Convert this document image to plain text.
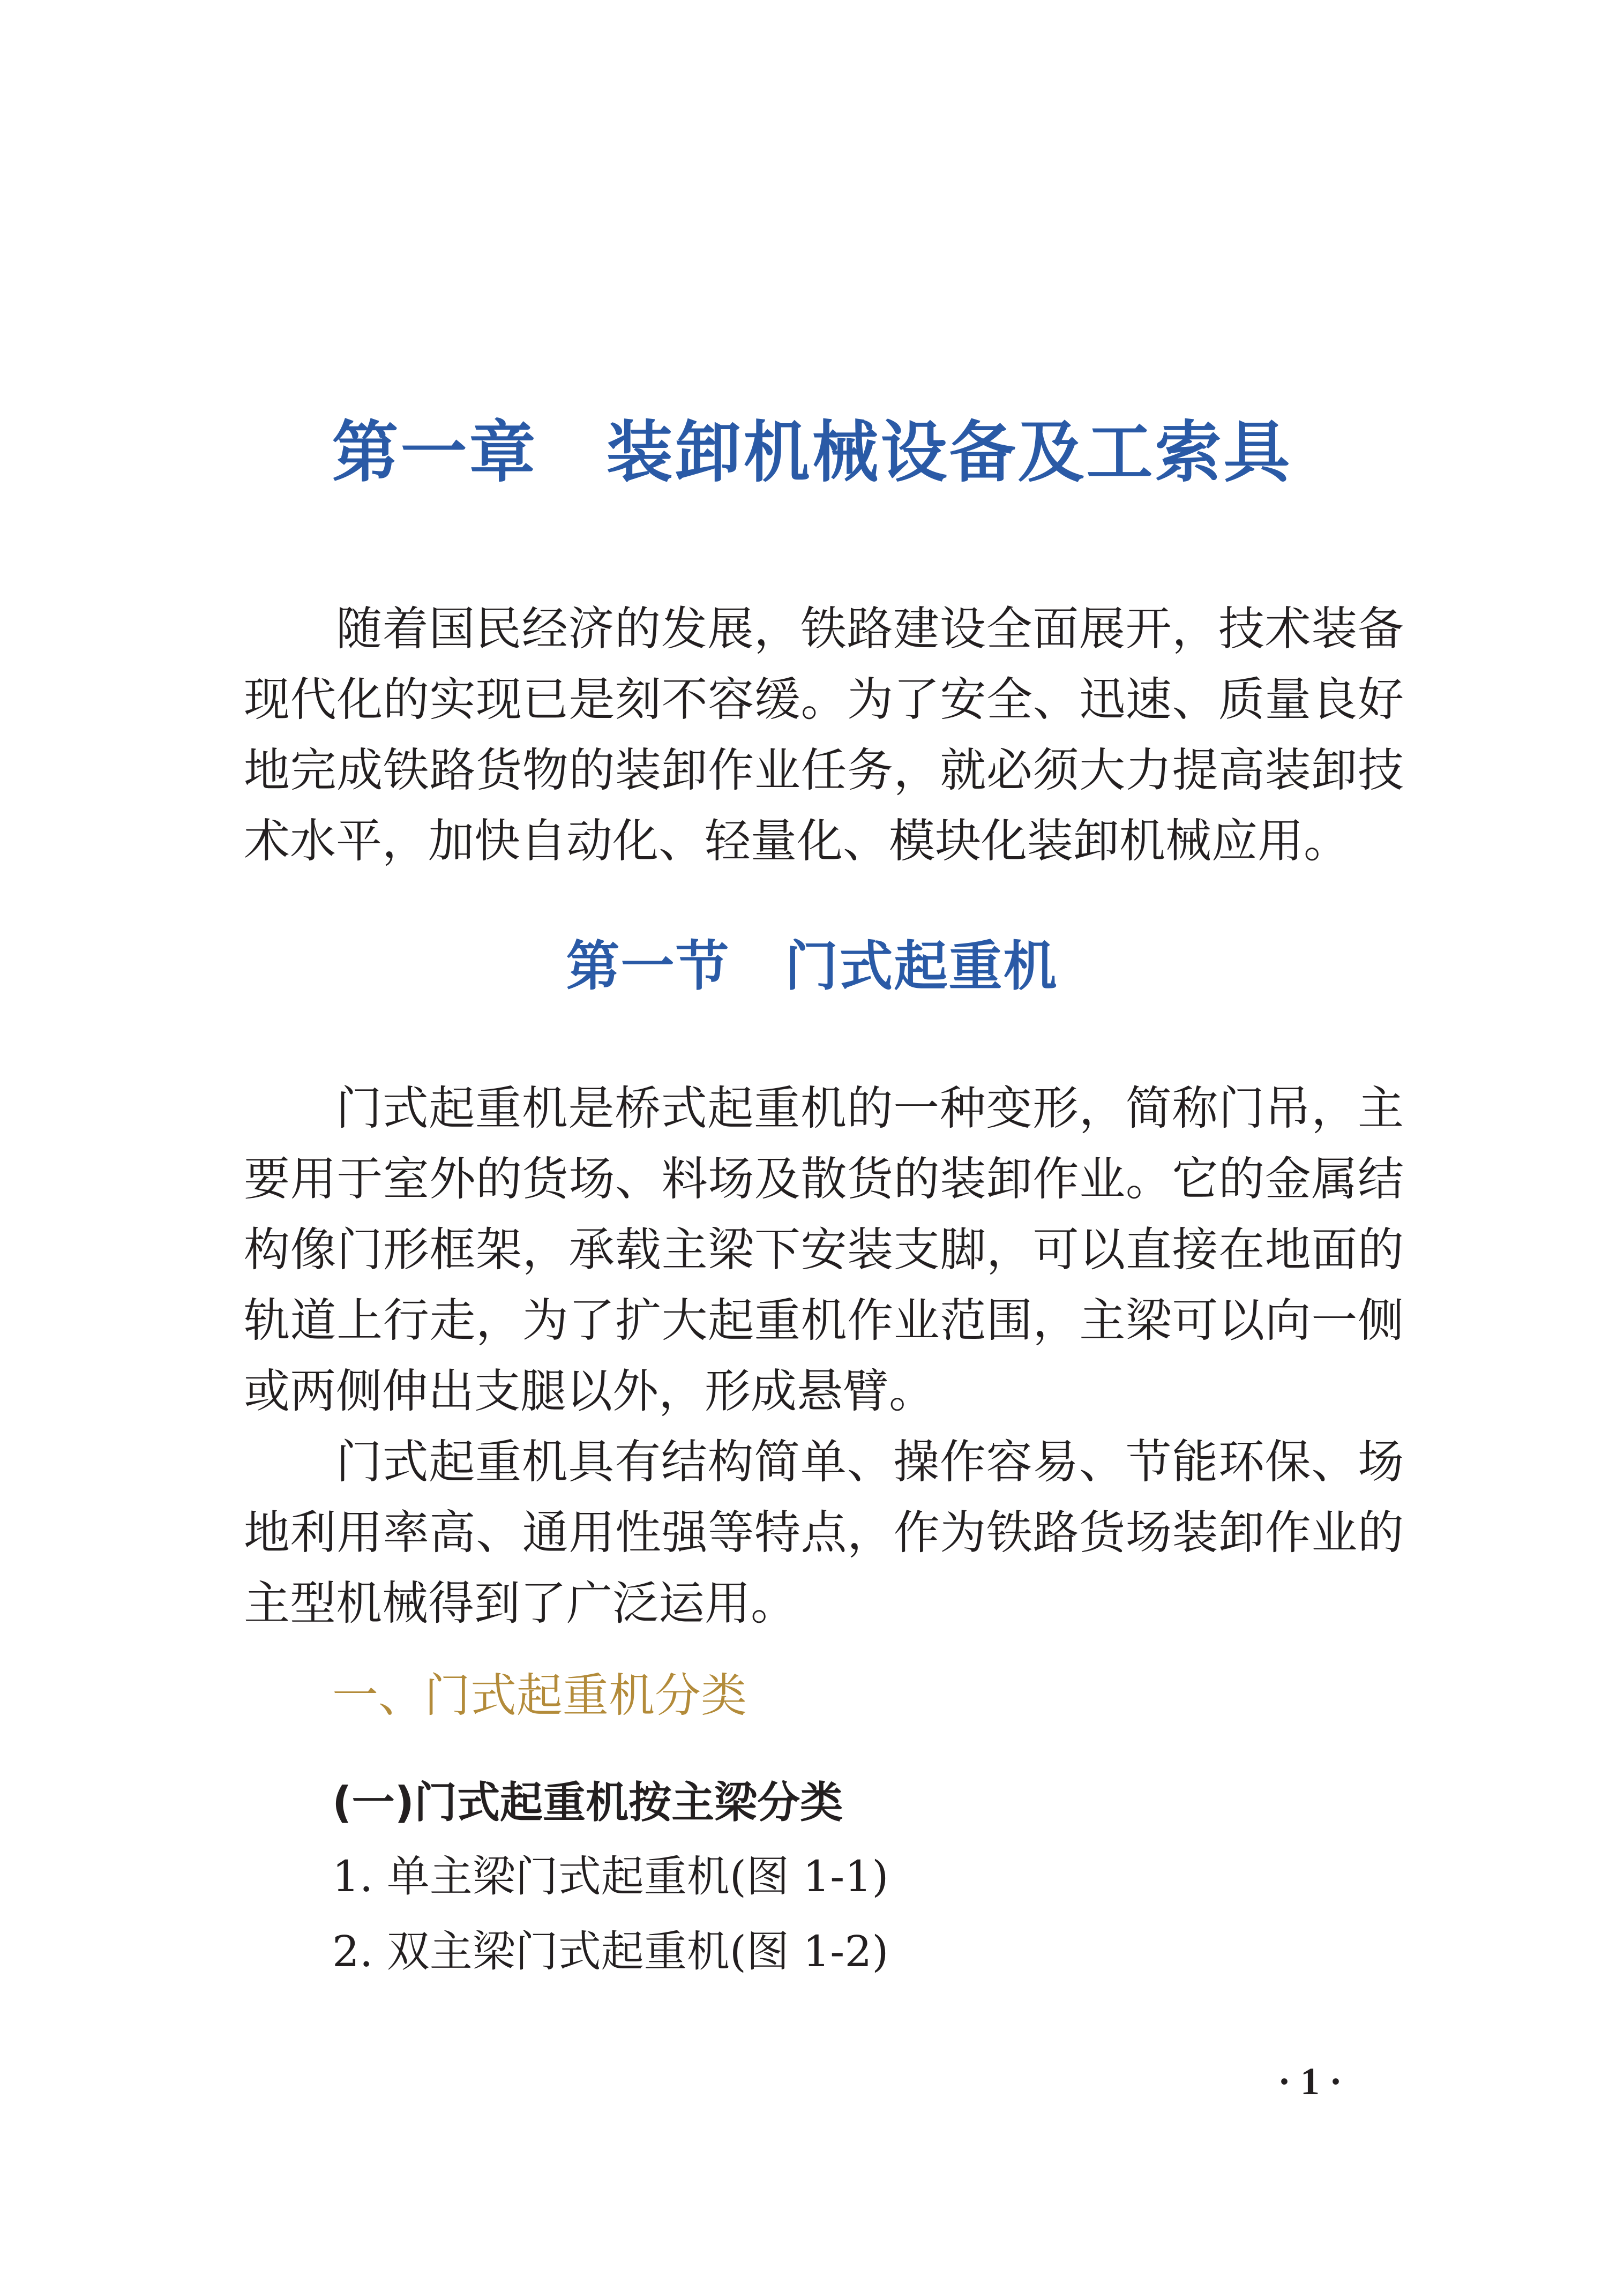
第一章　装卸机械设备及工索具

随着国民经济的发展，铁路建设全面展开，技术装备现代化的实现已是刻不容缓。为了安全、迅速、质量良好地完成铁路货物的装卸作业任务，就必须大力提高装卸技术水平，加快自动化、轻量化、模块化装卸机械应用。

第一节　门式起重机

门式起重机是桥式起重机的一种变形，简称门吊，主要用于室外的货场、料场及散货的装卸作业。它的金属结构像门形框架，承载主梁下安装支脚，可以直接在地面的轨道上行走，为了扩大起重机作业范围，主梁可以向一侧或两侧伸出支腿以外，形成悬臂。

门式起重机具有结构简单、操作容易、节能环保、场地利用率高、通用性强等特点，作为铁路货场装卸作业的主型机械得到了广泛运用。

一、门式起重机分类
(一)门式起重机按主梁分类
1. 单主梁门式起重机(图 1-1)
2. 双主梁门式起重机(图 1-2)
· 1 ·
